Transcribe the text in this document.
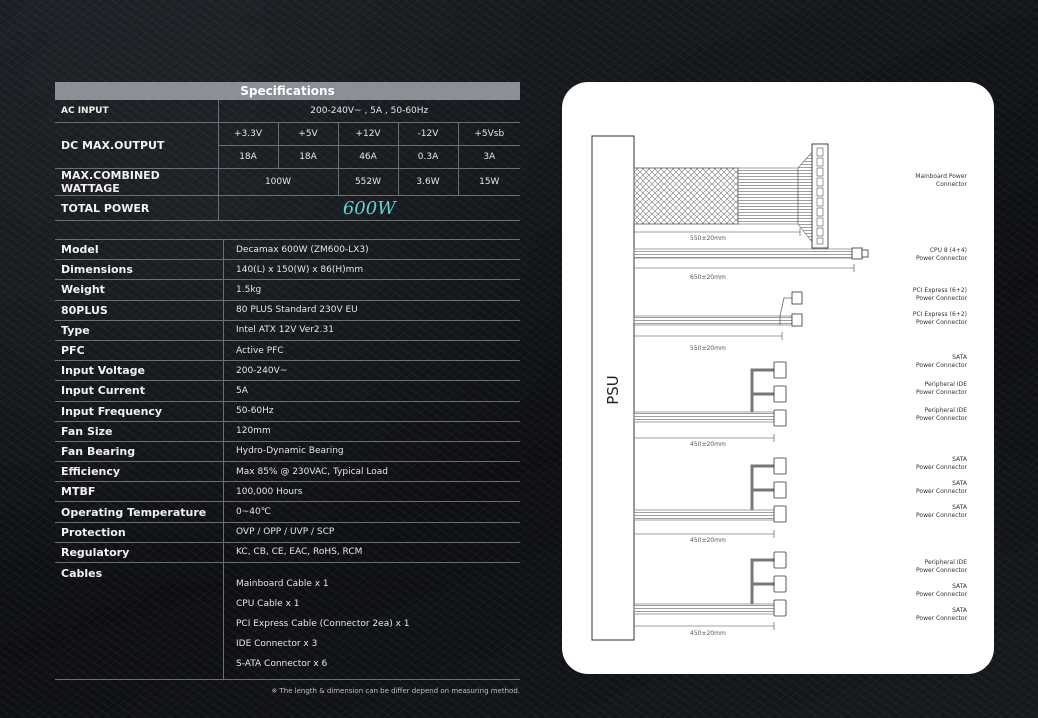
Specifications
AC INPUT	200-240V~ , 5A , 50-60Hz				
DC MAX.OUTPUT	+3.3V	+5V	+12V	-12V	+5Vsb
	18A	18A	46A	0.3A	3A
MAX.COMBINED WATTAGE	100W		552W	3.6W	15W
TOTAL POWER	600W				
Model	Decamax 600W (ZM600-LX3)
Dimensions	140(L) x 150(W) x 86(H)mm
Weight	1.5kg
80PLUS	80 PLUS Standard 230V EU
Type	Intel ATX 12V Ver2.31
PFC	Active PFC
Input Voltage	200-240V~
Input Current	5A
Input Frequency	50-60Hz
Fan Size	120mm
Fan Bearing	Hydro-Dynamic Bearing
Efficiency	Max 85% @ 230VAC, Typical Load
MTBF	100,000 Hours
Operating Temperature	0~40℃
Protection	OVP / OPP / UVP / SCP
Regulatory	KC, CB, CE, EAC, RoHS, RCM
Cables	Mainboard Cable x 1
CPU Cable x 1
PCI Express Cable (Connector 2ea) x 1
IDE Connector x 3
S-ATA Connector x 6
※ The length & dimension can be differ depend on measuring method.
PSU
550±20mm
Mainboard Power
Connector
650±20mm
CPU 8 (4+4)
Power Connector
550±20mm
PCI Express (6+2)
Power Connector
PCI Express (6+2)
Power Connector
450±20mm
SATA
Power Connector
Peripheral IDE
Power Connector
Peripheral IDE
Power Connector
450±20mm
SATA
Power Connector
SATA
Power Connector
SATA
Power Connector
450±20mm
Peripheral IDE
Power Connector
SATA
Power Connector
SATA
Power Connector
